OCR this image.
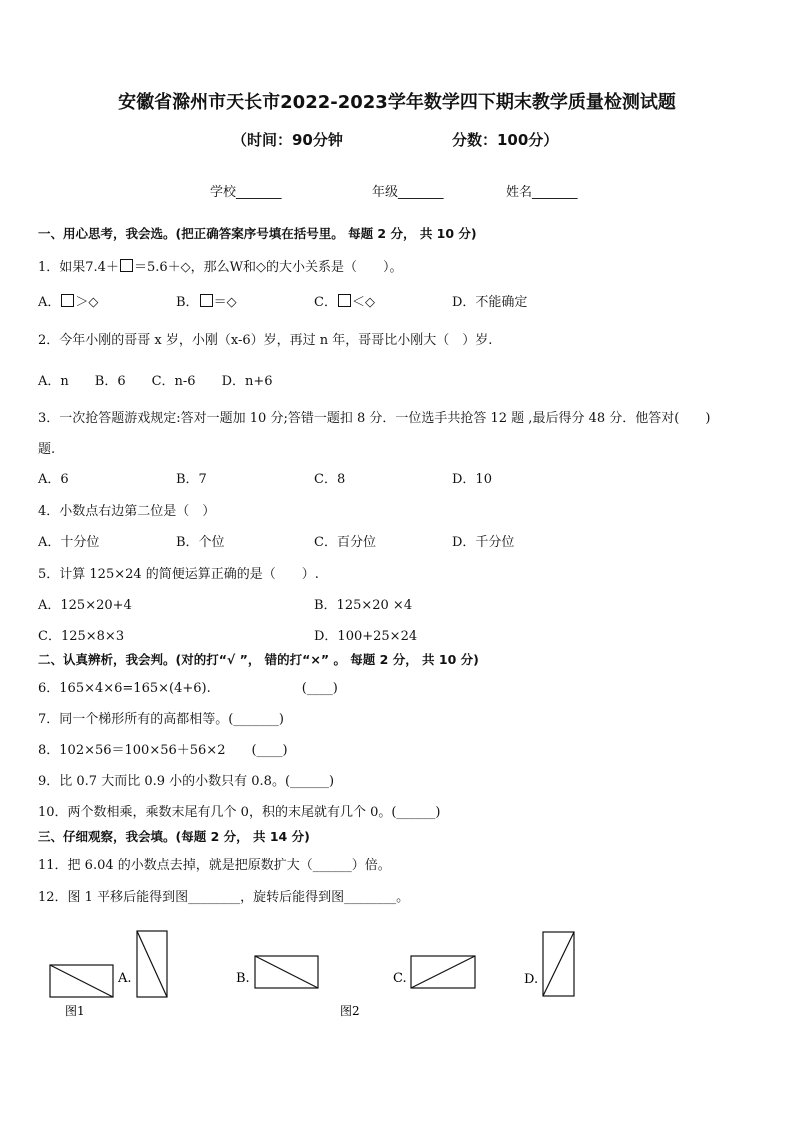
安徽省滁州市天长市2022-2023学年数学四下期末教学质量检测试题
（时间：90分钟	分数：100分）
学校_______	年级_______	姓名_______
一、用心思考，我会选。(把正确答案序号填在括号里。 每题 2 分， 共 10 分)
1．如果7.4＋ ＝5.6＋◇，那么W和◇的大小关系是（　　）。
A． ＞◇	B． ＝◇	C． ＜◇	D．不能确定
2．今年小刚的哥哥 x 岁，小刚（x-6）岁，再过 n 年，哥哥比小刚大（　）岁.
A．n　　B．6　　C．n-6　　D．n+6
3．一次抢答题游戏规定:答对一题加 10 分;答错一题扣 8 分．一位选手共抢答 12 题 ,最后得分 48 分．他答对(　　)
题.
A．6	B．7	C．8	D．10
4．小数点右边第二位是（　）
A．十分位	B．个位	C．百分位	D．千分位
5．计算 125×24 的简便运算正确的是（　　）.
A．125×20+4	B．125×20 ×4
C．125×8×3	D．100+25×24
二、认真辨析，我会判。(对的打“√ ”， 错的打“×” 。 每题 2 分， 共 10 分)
6．165×4×6=165×(4+6).　　　　　　　(____)
7．同一个梯形所有的高都相等。(_______)
8．102×56＝100×56＋56×2　　(____)
9．比 0.7 大而比 0.9 小的小数只有 0.8。(______)
10．两个数相乘，乘数末尾有几个 0，积的末尾就有几个 0。(______)
三、仔细观察，我会填。(每题 2 分， 共 14 分)
11．把 6.04 的小数点去掉，就是把原数扩大（______）倍。
12．图 1 平移后能得到图________，旋转后能得到图________。
图1
A.	B.
图2
C.	D.
